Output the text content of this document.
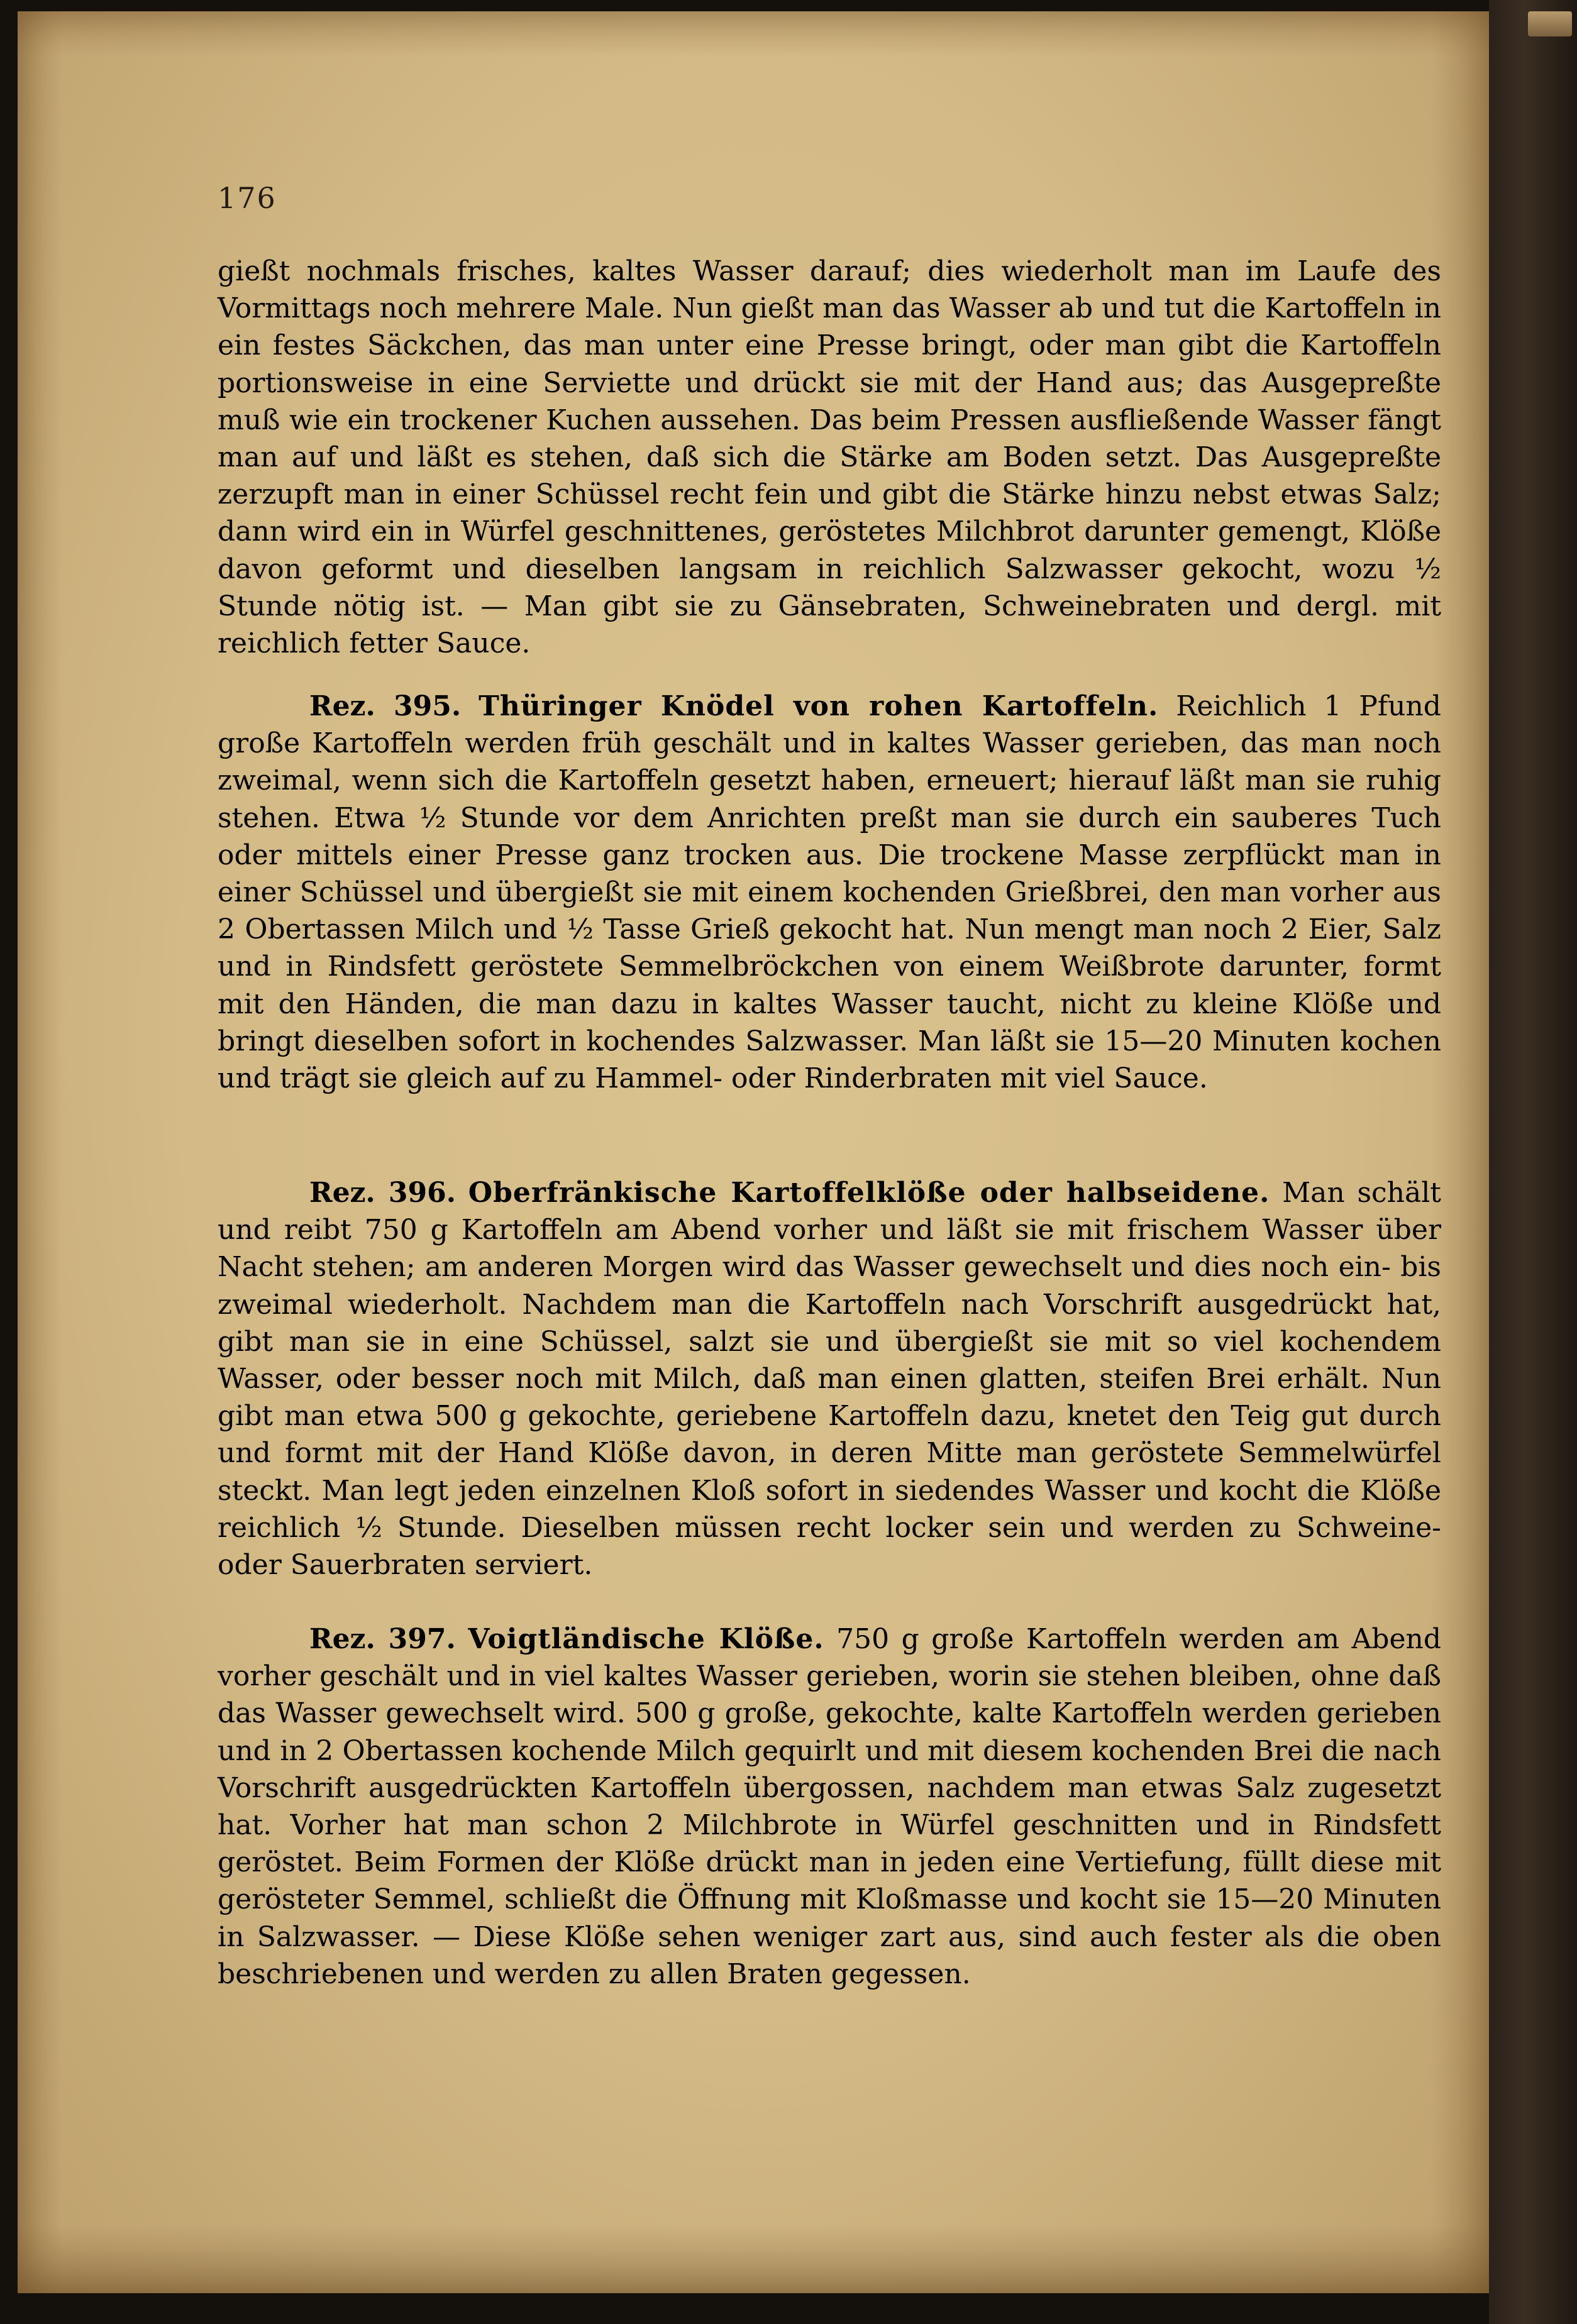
176

gießt nochmals frisches, kaltes Wasser darauf; dies wiederholt man im Laufe des Vormittags noch mehrere Male. Nun gießt man das Wasser ab und tut die Kartoffeln in ein festes Säckchen, das man unter eine Presse bringt, oder man gibt die Kartoffeln portionsweise in eine Serviette und drückt sie mit der Hand aus; das Ausgepreßte muß wie ein trockener Kuchen aussehen. Das beim Pressen ausfließende Wasser fängt man auf und läßt es stehen, daß sich die Stärke am Boden setzt. Das Ausgepreßte zerzupft man in einer Schüssel recht fein und gibt die Stärke hinzu nebst etwas Salz; dann wird ein in Würfel geschnittenes, geröstetes Milchbrot darunter gemengt, Klöße davon geformt und dieselben langsam in reichlich Salzwasser gekocht, wozu ½ Stunde nötig ist. — Man gibt sie zu Gänsebraten, Schweinebraten und dergl. mit reichlich fetter Sauce.

Rez. 395. Thüringer Knödel von rohen Kartoffeln. Reichlich 1 Pfund große Kartoffeln werden früh geschält und in kaltes Wasser gerieben, das man noch zweimal, wenn sich die Kartoffeln gesetzt haben, erneuert; hierauf läßt man sie ruhig stehen. Etwa ½ Stunde vor dem Anrichten preßt man sie durch ein sauberes Tuch oder mittels einer Presse ganz trocken aus. Die trockene Masse zerpflückt man in einer Schüssel und übergießt sie mit einem kochenden Grießbrei, den man vorher aus 2 Obertassen Milch und ½ Tasse Grieß gekocht hat. Nun mengt man noch 2 Eier, Salz und in Rindsfett geröstete Semmelbröckchen von einem Weißbrote darunter, formt mit den Händen, die man dazu in kaltes Wasser taucht, nicht zu kleine Klöße und bringt dieselben sofort in kochendes Salzwasser. Man läßt sie 15—20 Minuten kochen und trägt sie gleich auf zu Hammel- oder Rinderbraten mit viel Sauce.

Rez. 396. Oberfränkische Kartoffelklöße oder halbseidene. Man schält und reibt 750 g Kartoffeln am Abend vorher und läßt sie mit frischem Wasser über Nacht stehen; am anderen Morgen wird das Wasser gewechselt und dies noch ein- bis zweimal wiederholt. Nachdem man die Kartoffeln nach Vorschrift ausgedrückt hat, gibt man sie in eine Schüssel, salzt sie und übergießt sie mit so viel kochendem Wasser, oder besser noch mit Milch, daß man einen glatten, steifen Brei erhält. Nun gibt man etwa 500 g gekochte, geriebene Kartoffeln dazu, knetet den Teig gut durch und formt mit der Hand Klöße davon, in deren Mitte man geröstete Semmelwürfel steckt. Man legt jeden einzelnen Kloß sofort in siedendes Wasser und kocht die Klöße reichlich ½ Stunde. Dieselben müssen recht locker sein und werden zu Schweine- oder Sauerbraten serviert.

Rez. 397. Voigtländische Klöße. 750 g große Kartoffeln werden am Abend vorher geschält und in viel kaltes Wasser gerieben, worin sie stehen bleiben, ohne daß das Wasser gewechselt wird. 500 g große, gekochte, kalte Kartoffeln werden gerieben und in 2 Obertassen kochende Milch gequirlt und mit diesem kochenden Brei die nach Vorschrift ausgedrückten Kartoffeln übergossen, nachdem man etwas Salz zugesetzt hat. Vorher hat man schon 2 Milchbrote in Würfel geschnitten und in Rindsfett geröstet. Beim Formen der Klöße drückt man in jeden eine Vertiefung, füllt diese mit gerösteter Semmel, schließt die Öffnung mit Kloßmasse und kocht sie 15—20 Minuten in Salzwasser. — Diese Klöße sehen weniger zart aus, sind auch fester als die oben beschriebenen und werden zu allen Braten gegessen.
